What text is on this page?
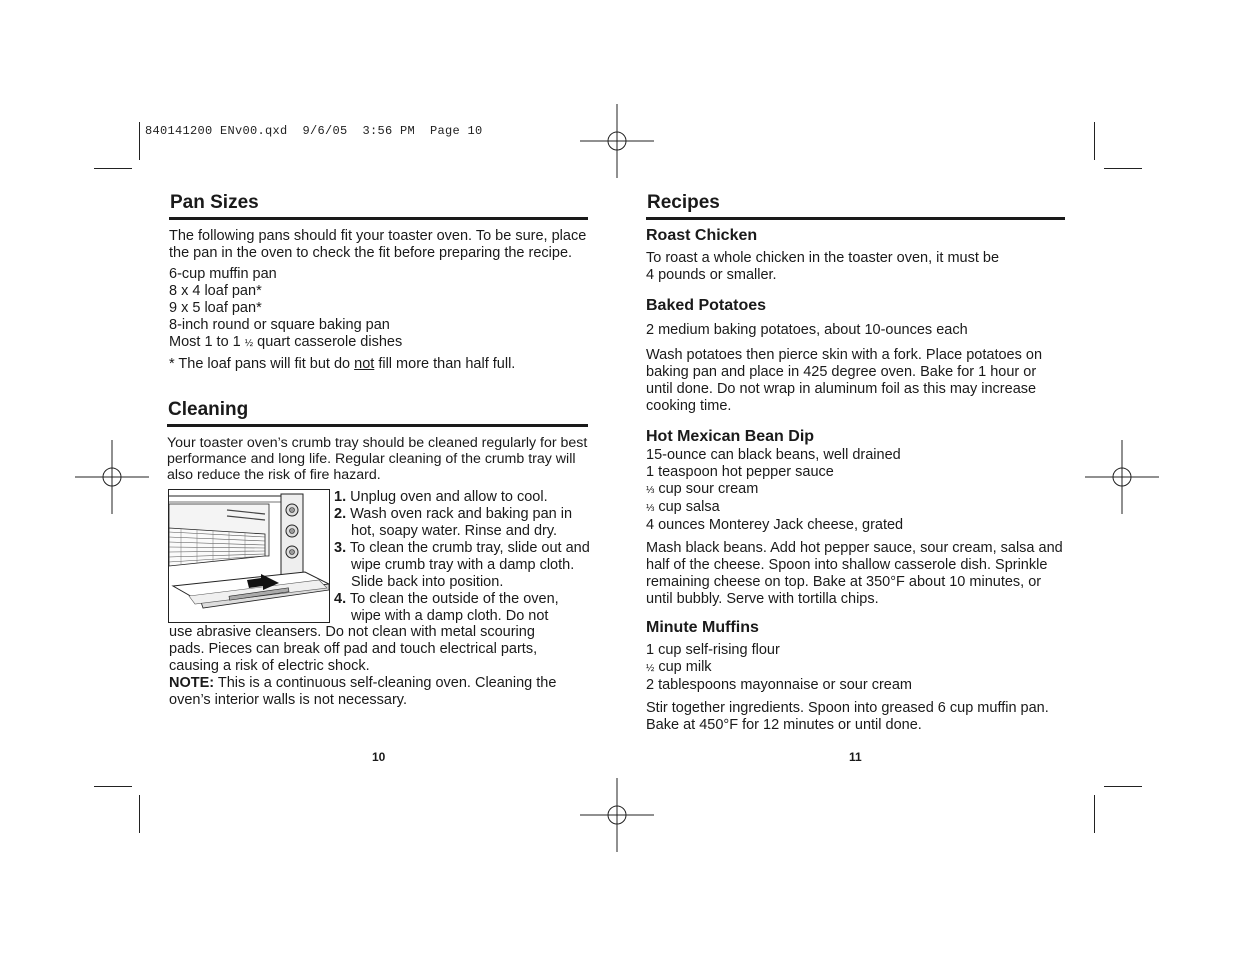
840141200 ENv00.qxd  9/6/05  3:56 PM  Page 10
Pan Sizes

The following pans should fit your toaster oven. To be sure, place the pan in the oven to check the fit before preparing the recipe.

6-cup muffin pan
8 x 4 loaf pan*
9 x 5 loaf pan*
8-inch round or square baking pan
Most 1 to 1 ½ quart casserole dishes

* The loaf pans will fit but do not fill more than half full.

Cleaning

Your toaster oven’s crumb tray should be cleaned regularly for best performance and long life. Regular cleaning of the crumb tray will also reduce the risk of fire hazard.

1. Unplug oven and allow to cool.
2. Wash oven rack and baking pan in hot, soapy water. Rinse and dry.
3. To clean the crumb tray, slide out and wipe crumb tray with a damp cloth. Slide back into position.
4. To clean the outside of the oven, wipe with a damp cloth. Do not

use abrasive cleansers. Do not clean with metal scouring pads. Pieces can break off pad and touch electrical parts, causing a risk of electric shock.

NOTE: This is a continuous self-cleaning oven. Cleaning the oven’s interior walls is not necessary.

10
Recipes
Roast Chicken
To roast a whole chicken in the toaster oven, it must be
4 pounds or smaller.
Baked Potatoes

2 medium baking potatoes, about 10-ounces each

Wash potatoes then pierce skin with a fork. Place potatoes on baking pan and place in 425 degree oven. Bake for 1 hour or until done. Do not wrap in aluminum foil as this may increase cooking time.

Hot Mexican Bean Dip
15-ounce can black beans, well drained
1 teaspoon hot pepper sauce
⅓ cup sour cream
⅓ cup salsa
4 ounces Monterey Jack cheese, grated

Mash black beans. Add hot pepper sauce, sour cream, salsa and half of the cheese. Spoon into shallow casserole dish. Sprinkle remaining cheese on top. Bake at 350°F about 10 minutes, or until bubbly. Serve with tortilla chips.

Minute Muffins
1 cup self-rising flour
½ cup milk
2 tablespoons mayonnaise or sour cream

Stir together ingredients. Spoon into greased 6 cup muffin pan. Bake at 450°F for 12 minutes or until done.

11
